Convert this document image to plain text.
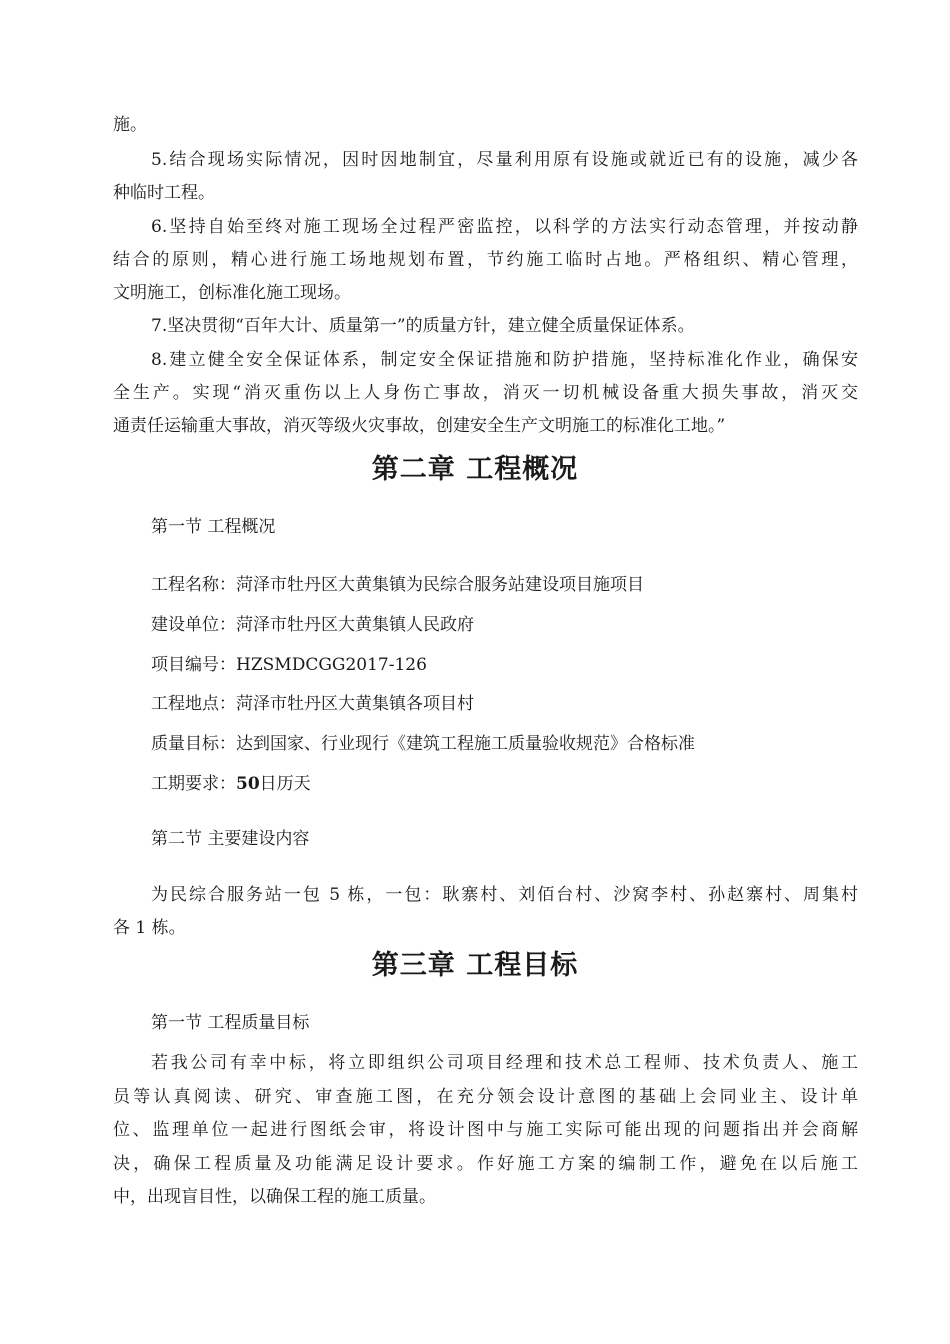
施。
5.结合现场实际情况，因时因地制宜，尽量利用原有设施或就近已有的设施，减少各
种临时工程。
6.坚持自始至终对施工现场全过程严密监控，以科学的方法实行动态管理，并按动静
结合的原则，精心进行施工场地规划布置，节约施工临时占地。严格组织、精心管理，
文明施工，创标准化施工现场。
7.坚决贯彻“百年大计、质量第一”的质量方针，建立健全质量保证体系。
8.建立健全安全保证体系，制定安全保证措施和防护措施，坚持标准化作业，确保安
全生产。实现“消灭重伤以上人身伤亡事故，消灭一切机械设备重大损失事故，消灭交
通责任运输重大事故，消灭等级火灾事故，创建安全生产文明施工的标准化工地。”
第二章 工程概况
第一节 工程概况
工程名称：菏泽市牡丹区大黄集镇为民综合服务站建设项目施项目
建设单位：菏泽市牡丹区大黄集镇人民政府
项目编号：HZSMDCGG2017-126
工程地点：菏泽市牡丹区大黄集镇各项目村
质量目标：达到国家、行业现行《建筑工程施工质量验收规范》合格标准
工期要求：50日历天
第二节 主要建设内容
为民综合服务站一包 5 栋，一包：耿寨村、刘佰台村、沙窝李村、孙赵寨村、周集村
各 1 栋。
第三章 工程目标
第一节 工程质量目标
若我公司有幸中标，将立即组织公司项目经理和技术总工程师、技术负责人、施工
员等认真阅读、研究、审查施工图，在充分领会设计意图的基础上会同业主、设计单
位、监理单位一起进行图纸会审，将设计图中与施工实际可能出现的问题指出并会商解
决，确保工程质量及功能满足设计要求。作好施工方案的编制工作，避免在以后施工
中，出现盲目性，以确保工程的施工质量。
